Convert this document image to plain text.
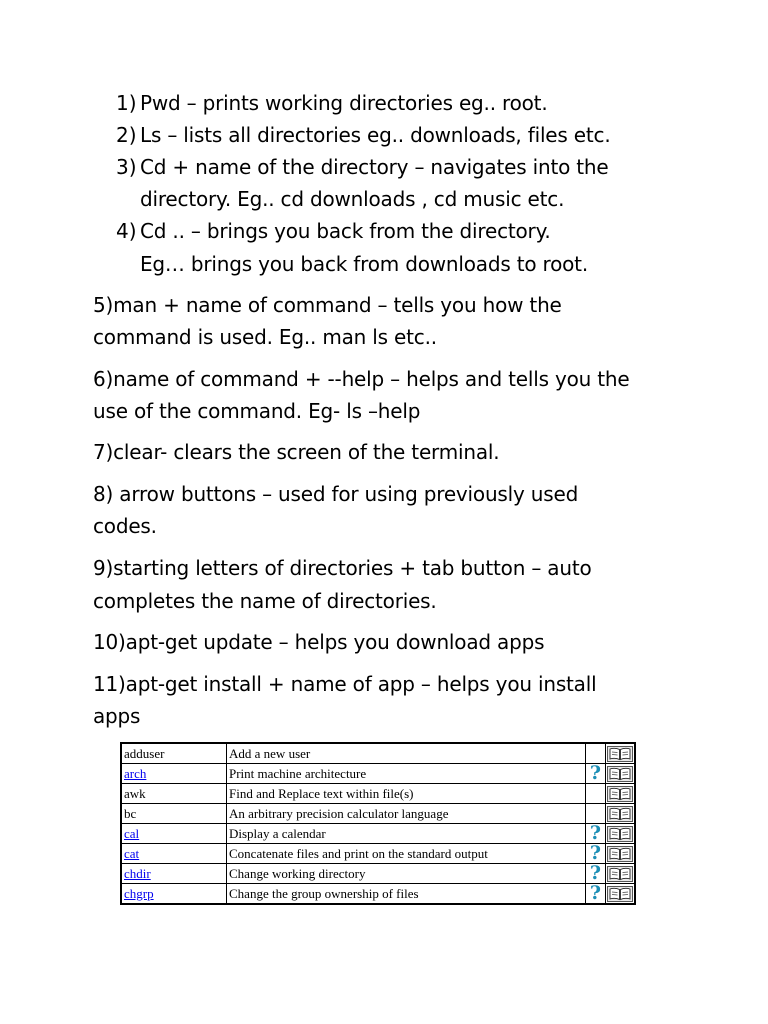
1) Pwd – prints working directories eg.. root.
2) Ls – lists all directories eg.. downloads, files etc.
3) Cd + name of the directory – navigates into the
directory. Eg.. cd downloads , cd music etc.
4) Cd .. – brings you back from the directory.
Eg… brings you back from downloads to root.
5)man + name of command – tells you how the
command is used. Eg.. man ls etc..
6)name of command + --help – helps and tells you the
use of the command. Eg- ls –help
7)clear- clears the screen of the terminal.
8) arrow buttons – used for using previously used
codes.
9)starting letters of directories + tab button – auto
completes the name of directories.
10)apt-get update – helps you download apps
11)apt-get install + name of app – helps you install
apps
adduser	Add a new user		

arch	Print machine architecture	?	

awk	Find and Replace text within file(s)		

bc	An arbitrary precision calculator language		

cal	Display a calendar	?	

cat	Concatenate files and print on the standard output	?	

chdir	Change working directory	?	

chgrp	Change the group ownership of files	?	
